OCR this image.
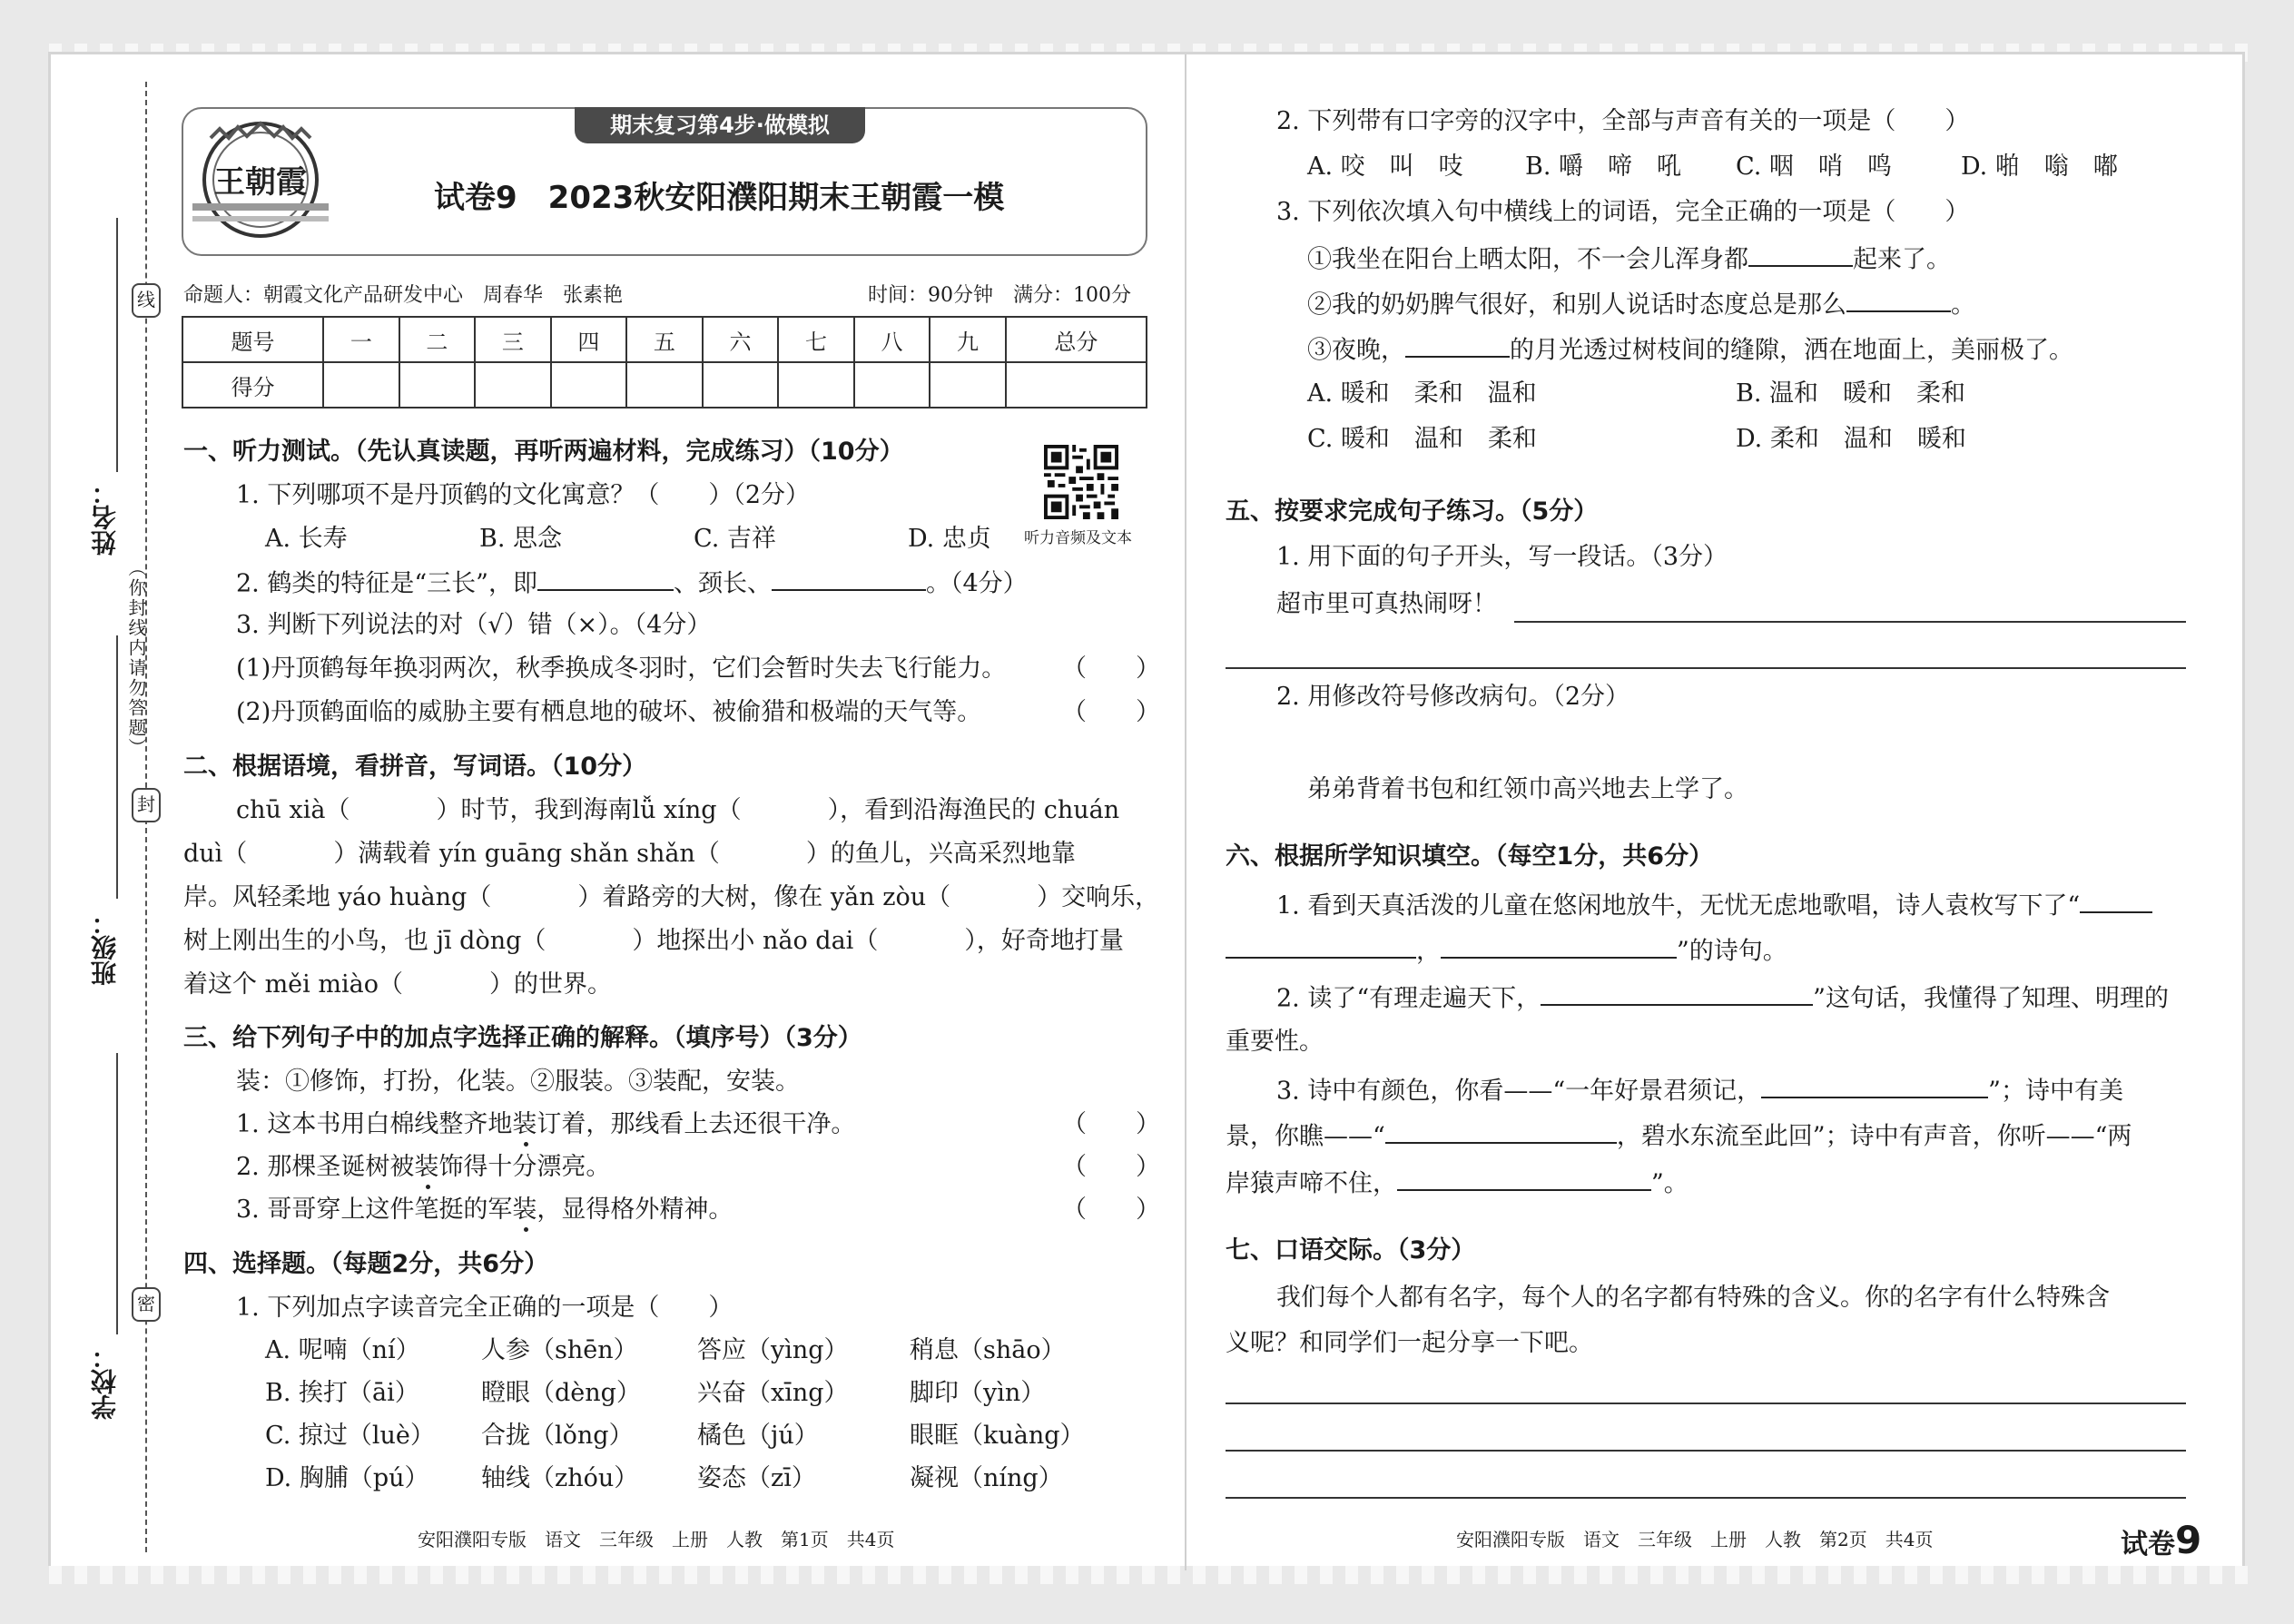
线
封
密
（你封线内请勿答题）
姓名：
班级：
学校：
期末复习第4步·做模拟
王朝霞	试卷9　2023秋安阳濮阳期末王朝霞一模
命题人：朝霞文化产品研发中心　周春华　张素艳	时间：90分钟　满分：100分
题号	一	二	三	四	五	六	七	八	九	总分
得分										
听力音频及文本
一、听力测试。（先认真读题，再听两遍材料，完成练习）（10分）
1. 下列哪项不是丹顶鹤的文化寓意？（　　）（2分）
A. 长寿	B. 思念	C. 吉祥	D. 忠贞
2. 鹤类的特征是“三长”，即	、颈长、	。（4分）
3. 判断下列说法的对（√）错（×）。（4分）
(1)丹顶鹤每年换羽两次，秋季换成冬羽时，它们会暂时失去飞行能力。 （　　）
(2)丹顶鹤面临的威胁主要有栖息地的破坏、被偷猎和极端的天气等。	（　　）
二、根据语境，看拼音，写词语。（10分）
chū xià（	）时节，我到海南lǚ xíng（	），看到沿海渔民的 chuán
duì（	）满载着 yín guāng shǎn shǎn（	）的鱼儿，兴高采烈地靠
岸。风轻柔地 yáo huàng（	）着路旁的大树，像在 yǎn zòu（	）交响乐，
树上刚出生的小鸟，也 jī dòng（	）地探出小 nǎo dai（	），好奇地打量
着这个 měi miào（	）的世界。
三、给下列句子中的加点字选择正确的解释。（填序号）（3分）
装：①修饰，打扮，化装。②服装。③装配，安装。
1. 这本书用白棉线整齐地装订着，那线看上去还很干净。	（　　）
2. 那棵圣诞树被装饰得十分漂亮。	（　　）
3. 哥哥穿上这件笔挺的军装，显得格外精神。	（　　）
四、选择题。（每题2分，共6分）
1. 下列加点字读音完全正确的一项是（　　）
A. 呢喃（ní） 人参（shēn） 答应（yìng） 稍息（shāo）
B. 挨打（āi）	瞪眼（dèng） 兴奋（xīng） 脚印（yìn）
C. 掠过（luè） 合拢（lǒng）	橘色（jú）	眼眶（kuàng）
D. 胸脯（pú） 轴线（zhóu） 姿态（zī）	凝视（níng）
安阳濮阳专版　语文　三年级　上册　人教　第1页　共4页
2. 下列带有口字旁的汉字中，全部与声音有关的一项是（　　）
A. 咬　叫　吱	B. 嚼　啼　吼 C. 咽　哨　鸣	D. 啪　嗡　嘟
3. 下列依次填入句中横线上的词语，完全正确的一项是（　　）
①我坐在阳台上晒太阳，不一会儿浑身都	起来了。
②我的奶奶脾气很好，和别人说话时态度总是那么	。
③夜晚，	的月光透过树枝间的缝隙，洒在地面上，美丽极了。
A. 暖和　柔和　温和	B. 温和　暖和　柔和
C. 暖和　温和　柔和	D. 柔和　温和　暖和
五、按要求完成句子练习。（5分）
1. 用下面的句子开头，写一段话。（3分）
超市里可真热闹呀！
2. 用修改符号修改病句。（2分）
弟弟背着书包和红领巾高兴地去上学了。
六、根据所学知识填空。（每空1分，共6分）
1. 看到天真活泼的儿童在悠闲地放牛，无忧无虑地歌唱，诗人袁枚写下了“
，	”的诗句。
2. 读了“有理走遍天下，	”这句话，我懂得了知理、明理的
重要性。
3. 诗中有颜色，你看——“一年好景君须记，	”；诗中有美
景，你瞧——“	，碧水东流至此回”；诗中有声音，你听——“两
岸猿声啼不住，	”。
七、口语交际。（3分）
我们每个人都有名字，每个人的名字都有特殊的含义。你的名字有什么特殊含
义呢？和同学们一起分享一下吧。
安阳濮阳专版　语文　三年级　上册　人教　第2页　共4页	试卷9
